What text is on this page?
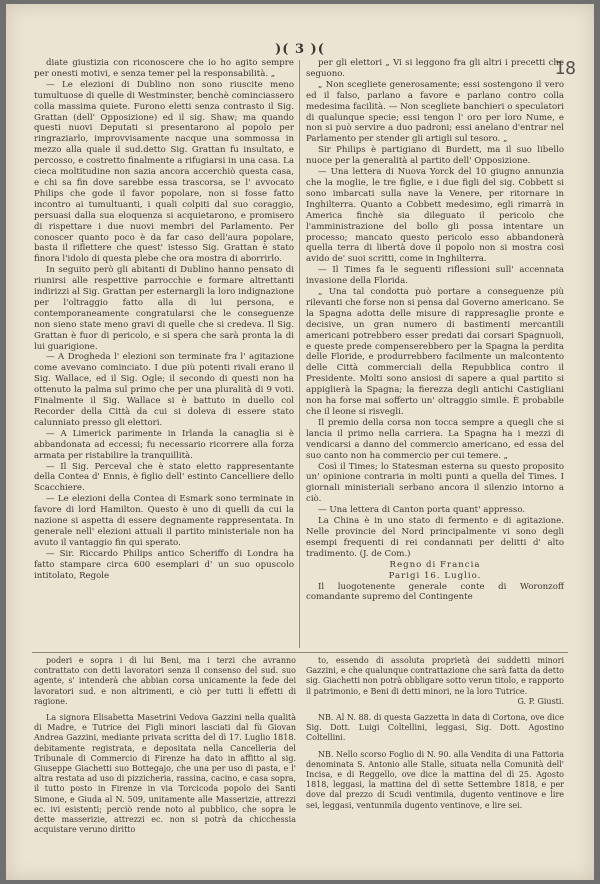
)( 3 )(
18

diate giustizia con riconoscere che io ho agito sempre per onesti motivi, e senza temer pel la responsabilità. „

— Le elezioni di Dublino non sono riuscite meno tumultuose di quelle di Westminster, benchè cominciassero colla massima quiete. Furono eletti senza contrasto il Sig. Grattan (dell' Opposizione) ed il sig. Shaw; ma quando questi nuovi Deputati si presentarono al popolo per ringraziarlo, improvvisamente nacque una sommossa in mezzo alla quale il sud.detto Sig. Grattan fu insultato, e percosso, e costretto finalmente a rifugiarsi in una casa. La cieca moltitudine non sazia ancora accerchiò questa casa, e chi sa fin dove sarebbe essa trascorsa, se l' avvocato Philips che gode il favor popolare, non si fosse fatto incontro ai tumultuanti, i quali colpiti dal suo coraggio, persuasi dalla sua eloquenza si acquietarono, e promisero di rispettare i due nuovi membri del Parlamento. Per conoscer quanto poco è da far caso dell'aura popolare, basta il riflettere che quest' istesso Sig. Grattan è stato finora l'idolo di questa plebe che ora mostra di aborrirlo.

In seguito però gli abitanti di Dublino hanno pensato di riunirsi alle respettive parrocchie e formare altrettanti indirizzi al Sig. Grattan per esternargli la loro indignazione per l'oltraggio fatto alla di lui persona, e contemporaneamente congratularsi che le conseguenze non sieno state meno gravi di quelle che si credeva. Il Sig. Grattan è fuor di pericolo, e si spera che sarà pronta la di lui guarigione.

— A Drogheda l' elezioni son terminate fra l' agitazione come avevano cominciato. I due più potenti rivali erano il Sig. Wallace, ed il Sig. Ogle; il secondo di questi non ha ottenuto la palma sul primo che per una pluralità di 9 voti. Finalmente il Sig. Wallace si è battuto in duello col Recorder della Città da cui si doleva di essere stato calunniato presso gli elettori.

— A Limerick parimente in Irlanda la canaglia si è abbandonata ad eccessi; fu necessario ricorrere alla forza armata per ristabilire la tranquillità.

— Il Sig. Perceval che è stato eletto rappresentante della Contea d' Ennis, è figlio dell' estinto Cancelliere dello Scacchiere.

— Le elezioni della Contea di Esmark sono terminate in favore di lord Hamilton. Questo è uno di quelli da cui la nazione si aspetta di essere degnamente rappresentata. In generale nell' elezioni attuali il partito ministeriale non ha avuto il vantaggio fin qui sperato.

— Sir. Riccardo Philips antico Scheriffo di Londra ha fatto stampare circa 600 esemplari d' un suo opuscolo intitolato, Regole

per gli elettori „ Vi si leggono fra gli altri i precetti che seguono.

„ Non scegliete generosamente; essi sostengono il vero ed il falso, parlano a favore e parlano contro colla medesima facilità. — Non scegliete banchieri o speculatori di qualunque specie; essi tengon l' oro per loro Nume, e non si può servire a duo padroni; essi anelano d'entrar nel Parlamento per stender gli artigli sul tesoro. „

Sir Philips è partigiano di Burdett, ma il suo libello nuoce per la generalità al partito dell' Opposizione.

— Una lettera di Nuova Yorck del 10 giugno annunzia che la moglie, le tre figlie, e i due figli del sig. Cobbett si sono imbarcati sulla nave la Venere, per ritornare in Inghilterra. Quanto a Cobbett medesimo, egli rimarrà in America finchè sia dileguato il pericolo che l'amministrazione del bollo gli possa intentare un processo; mancato questo pericolo esso abbandonerà quella terra di libertà dove il popolo non si mostra così avido de' suoi scritti, come in Inghilterra.

— Il Times fa le seguenti riflessioni sull' accennata invasione della Florida.

„ Una tal condotta può portare a conseguenze più rilevanti che forse non si pensa dal Governo americano. Se la Spagna adotta delle misure di rappresaglie pronte e decisive, un gran numero di bastimenti mercantili americani potrebbero esser predati dai corsari Spagnuoli, e queste prede compenserebbero per la Spagna la perdita delle Floride, e produrrebbero facilmente un malcontento delle Città commerciali della Repubblica contro il Presidente. Molti sono ansiosi di sapere a qual partito si appiglierà la Spagna; la fierezza degli antichi Castigliani non ha forse mai sofferto un' oltraggio simile. È probabile che il leone si risvegli.

Il premio della corsa non tocca sempre a quegli che si lancia il primo nella carriera. La Spagna ha i mezzi di vendicarsi a danno del commercio americano, ed essa del suo canto non ha commercio per cui temere. „

Così il Times; lo Statesman esterna su questo proposito un' opinione contraria in molti punti a quella del Times. I giornali ministeriali serbano ancora il silenzio intorno a ciò.

— Una lettera di Canton porta quant' appresso.

La China è in uno stato di fermento e di agitazione. Nelle provincie del Nord principalmente vi sono degli esempi frequenti di rei condannati per delitti d' alto tradimento. (J. de Com.)

Regno di Francia

Parigi 16. Luglio.

Il luogotenente generale conte di Woronzoff comandante supremo del Contingente

poderi e sopra i di lui Beni, ma i terzi che avranno contrattato con detti lavoratori senza il consenso del sud. suo agente, s' intenderà che abbian corsa unicamente la fede dei lavoratori sud. e non altrimenti, e ciò per tutti li effetti di ragione.

La signora Elisabetta Masetrini Vedova Gazzini nella qualità di Madre, e Tutrice dei Figli minori lasciati dal fù Giovan Andrea Gazzini, mediante privata scritta del dì 17. Luglio 1818. debitamente registrata, e depositata nella Cancelleria del Tribunale di Commercio di Firenze ha dato in affitto al sig. Giuseppe Giachetti suo Bottegajo, che una per uso di pasta, e l' altra restata ad uso di pizzicheria, rassina, cacino, e casa sopra, il tutto posto in Firenze in via Torcicoda popolo dei Santi Simone, e Giuda al N. 509, unitamente alle Masserizie, attrezzi ec. ivi esistenti; perciò rende noto al pubblico, che sopra le dette masserizie, attrezzi ec. non si potrà da chicchessia acquistare veruno diritto

to, essendo di assoluta proprietà dei suddetti minori Gazzini, e che qualunque contrattazione che sarà fatta da detto sig. Giachetti non potrà obbligare sotto verun titolo, e rapporto il patrimonio, e Beni di detti minori, ne la loro Tutrice.

G. P. Giusti.

NB. Al N. 88. di questa Gazzetta in data di Cortona, ove dice Sig. Dott. Luigi Coltellini, leggasi, Sig. Dott. Agostino Coltellini.

NB. Nello scorso Foglio di N. 90. alla Vendita di una Fattoria denominata S. Antonio alle Stalle, situata nella Comunità dell' Incisa, e di Reggello, ove dice la mattina del dì 25. Agosto 1818, leggasi, la mattina del dì sette Settembre 1818, e per dove dal prezzo di Scudi ventimila, dugento ventinove e lire sei, leggasi, ventunmila dugento ventinove, e lire sei.
